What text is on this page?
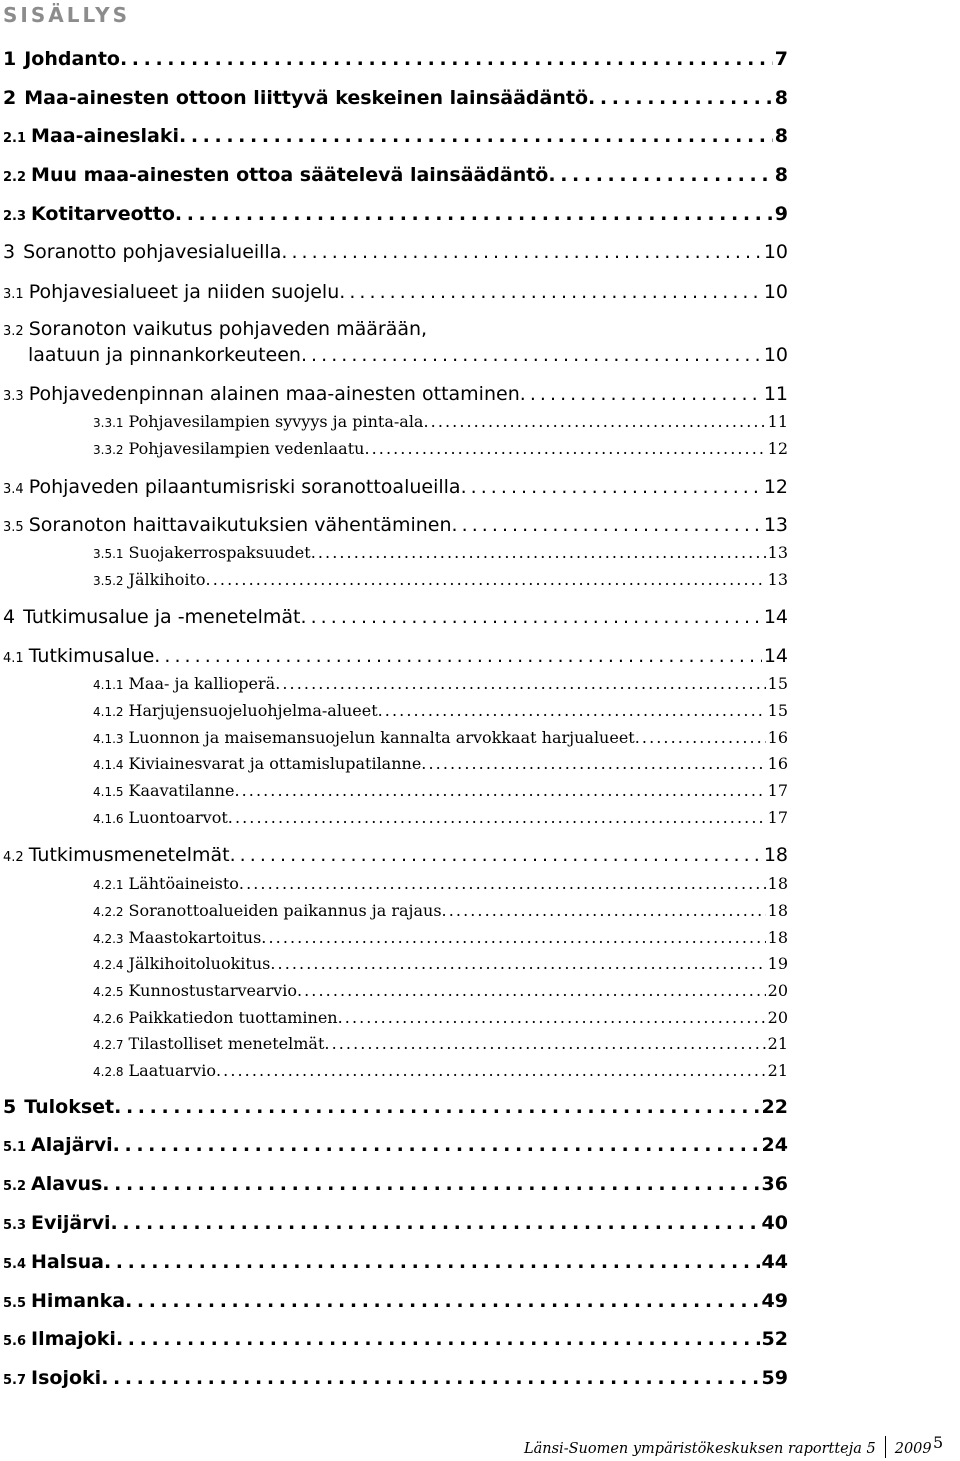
SISÄLLYS
1 Johdanto . . .	7
2 Maa-ainesten ottoon liittyvä keskeinen lainsäädäntö . . .	8
2.1 Maa-aineslaki . . .	8
2.2 Muu maa-ainesten ottoa säätelevä lainsäädäntö . . .	8
2.3 Kotitarveotto . . .	9
3 Soranotto pohjavesialueilla . . .	10
3.1 Pohjavesialueet ja niiden suojelu . . .	10
3.2 Soranoton vaikutus pohjaveden määrään,
laatuun ja pinnankorkeuteen . . .	10
3.3 Pohjavedenpinnan alainen maa-ainesten ottaminen . . .	11
3.3.1 Pohjavesilampien syvyys ja pinta-ala . . .	11
3.3.2 Pohjavesilampien vedenlaatu . . .	12
3.4 Pohjaveden pilaantumisriski soranottoalueilla . . .	12
3.5 Soranoton haittavaikutuksien vähentäminen . . .	13
3.5.1 Suojakerrospaksuudet . . .	13
3.5.2 Jälkihoito . . .	13
4 Tutkimusalue ja -menetelmät . . .	14
4.1 Tutkimusalue . . .	14
4.1.1 Maa- ja kallioperä . . .	15
4.1.2 Harjujensuojeluohjelma-alueet . . .	15
4.1.3 Luonnon ja maisemansuojelun kannalta arvokkaat harjualueet . . .	16
4.1.4 Kiviainesvarat ja ottamislupatilanne . . .	16
4.1.5 Kaavatilanne . . .	17
4.1.6 Luontoarvot . . .	17
4.2 Tutkimusmenetelmät . . .	18
4.2.1 Lähtöaineisto . . .	18
4.2.2 Soranottoalueiden paikannus ja rajaus . . .	18
4.2.3 Maastokartoitus . . .	18
4.2.4 Jälkihoitoluokitus . . .	19
4.2.5 Kunnostustarvearvio . . .	20
4.2.6 Paikkatiedon tuottaminen . . .	20
4.2.7 Tilastolliset menetelmät . . .	21
4.2.8 Laatuarvio . . .	21
5 Tulokset . . .	22
5.1 Alajärvi . . .	24
5.2 Alavus . . .	36
5.3 Evijärvi . . .	40
5.4 Halsua . . .	44
5.5 Himanka . . .	49
5.6 Ilmajoki . . .	52
5.7 Isojoki . . .	59
Länsi-Suomen ympäristökeskuksen raportteja 5 2009 5
